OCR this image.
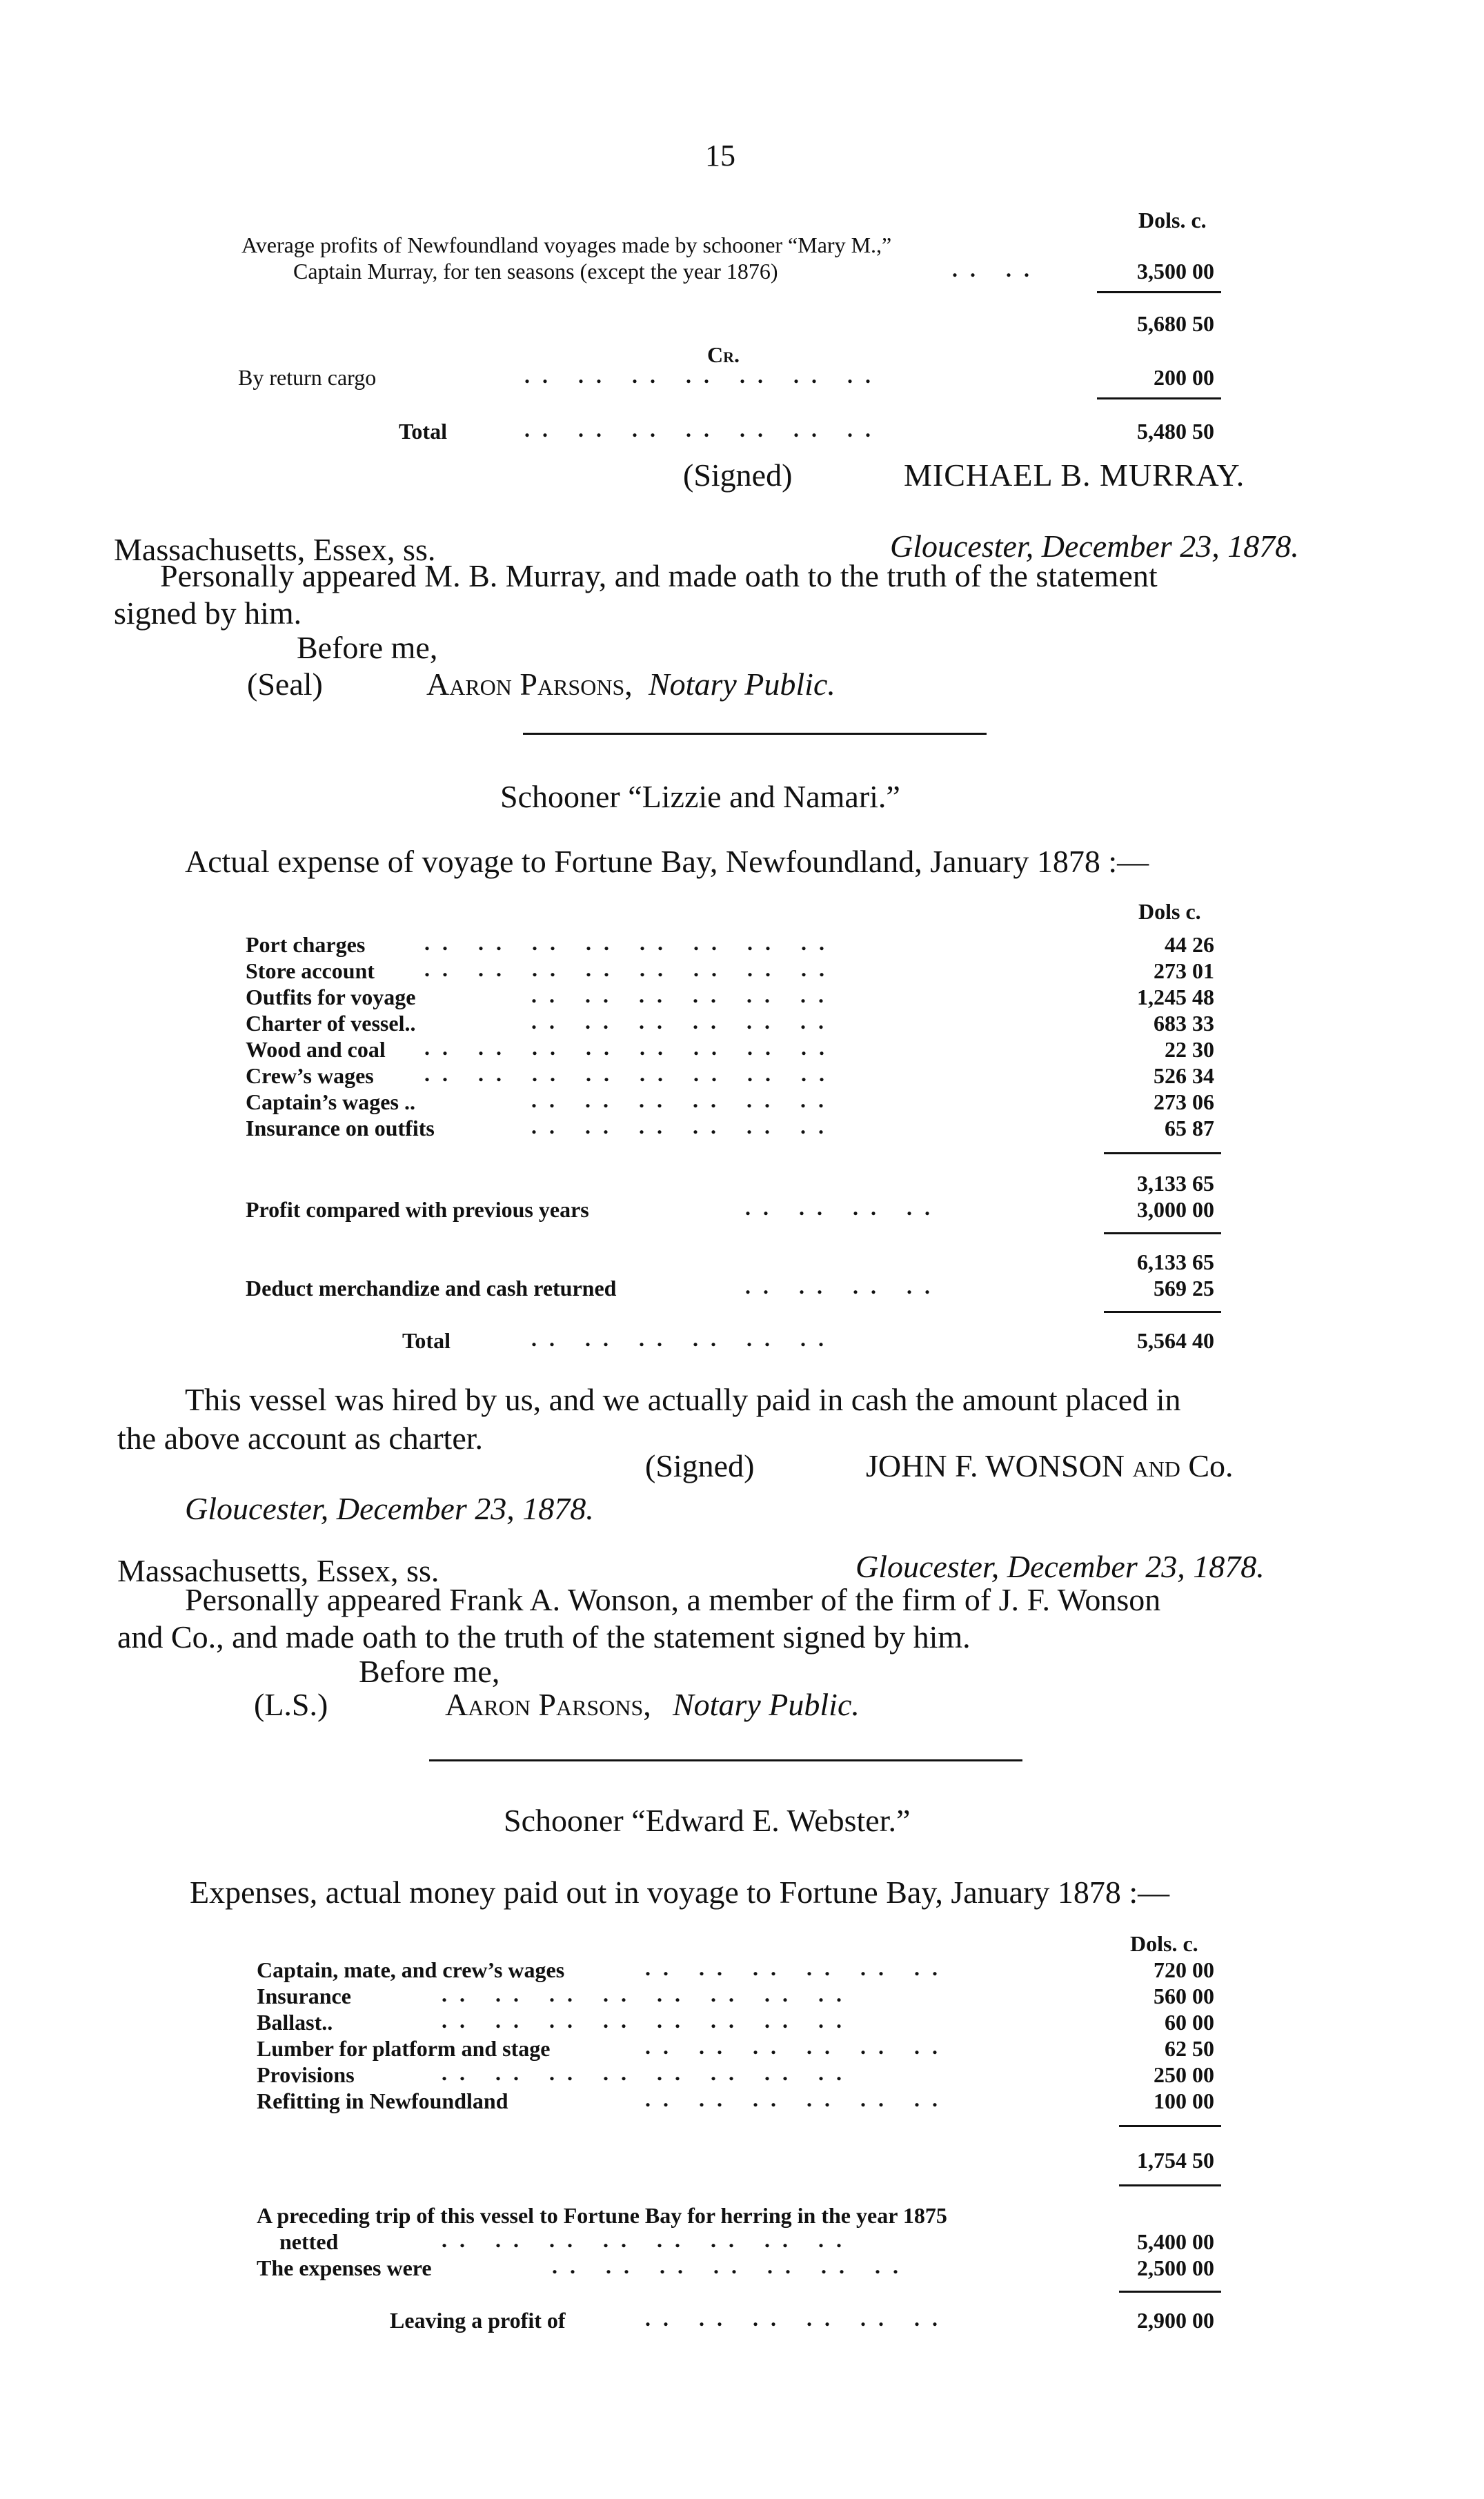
15
Dols. c.
Average profits of Newfoundland voyages made by schooner “Mary M.,”
Captain Murray, for ten seasons (except the year 1876)	.. ..	3,500 00
5,680 50
Cr.
By return cargo	.. .. .. .. .. .. ..	200 00
Total	.. .. .. .. .. .. ..	5,480 50
(Signed)	MICHAEL B. MURRAY.
Massachusetts, Essex, ss.	Gloucester, December 23, 1878.
Personally appeared M. B. Murray, and made oath to the truth of the statement
signed by him.
Before me,
(Seal)	Aaron Parsons, Notary Public.
Schooner “Lizzie and Namari.”
Actual expense of voyage to Fortune Bay, Newfoundland, January 1878 :—
Dols c.
Port charges	.. .. .. .. .. .. .. ..	44 26
Store account .. .. .. .. .. .. .. ..	273 01
Outfits for voyage	.. .. .. .. .. ..	1,245 48
Charter of vessel..	.. .. .. .. .. ..	683 33
Wood and coal .. .. .. .. .. .. .. ..	22 30
Crew’s wages .. .. .. .. .. .. .. ..	526 34
Captain’s wages ..	.. .. .. .. .. ..	273 06
Insurance on outfits	.. .. .. .. .. ..	65 87
3,133 65
Profit compared with previous years	.. .. .. ..	3,000 00
6,133 65
Deduct merchandize and cash returned	.. .. .. ..	569 25
Total	.. .. .. .. .. ..	5,564 40
This vessel was hired by us, and we actually paid in cash the amount placed in
the above account as charter.
(Signed)	JOHN F. WONSON and Co.
Gloucester, December 23, 1878.
Massachusetts, Essex, ss.	Gloucester, December 23, 1878.
Personally appeared Frank A. Wonson, a member of the firm of J. F. Wonson
and Co., and made oath to the truth of the statement signed by him.
Before me,
(L.S.)	Aaron Parsons, Notary Public.
Schooner “Edward E. Webster.”
Expenses, actual money paid out in voyage to Fortune Bay, January 1878 :—
Dols. c.
Captain, mate, and crew’s wages	.. .. .. .. .. ..	720 00
Insurance	.. .. .. .. .. .. .. ..	560 00
Ballast..	.. .. .. .. .. .. .. ..	60 00
Lumber for platform and stage	.. .. .. .. .. ..	62 50
Provisions	.. .. .. .. .. .. .. ..	250 00
Refitting in Newfoundland	.. .. .. .. .. ..	100 00
1,754 50
A preceding trip of this vessel to Fortune Bay for herring in the year 1875
netted	.. .. .. .. .. .. .. ..	5,400 00
The expenses were	.. .. .. .. .. .. ..	2,500 00
Leaving a profit of	.. .. .. .. .. ..	2,900 00
